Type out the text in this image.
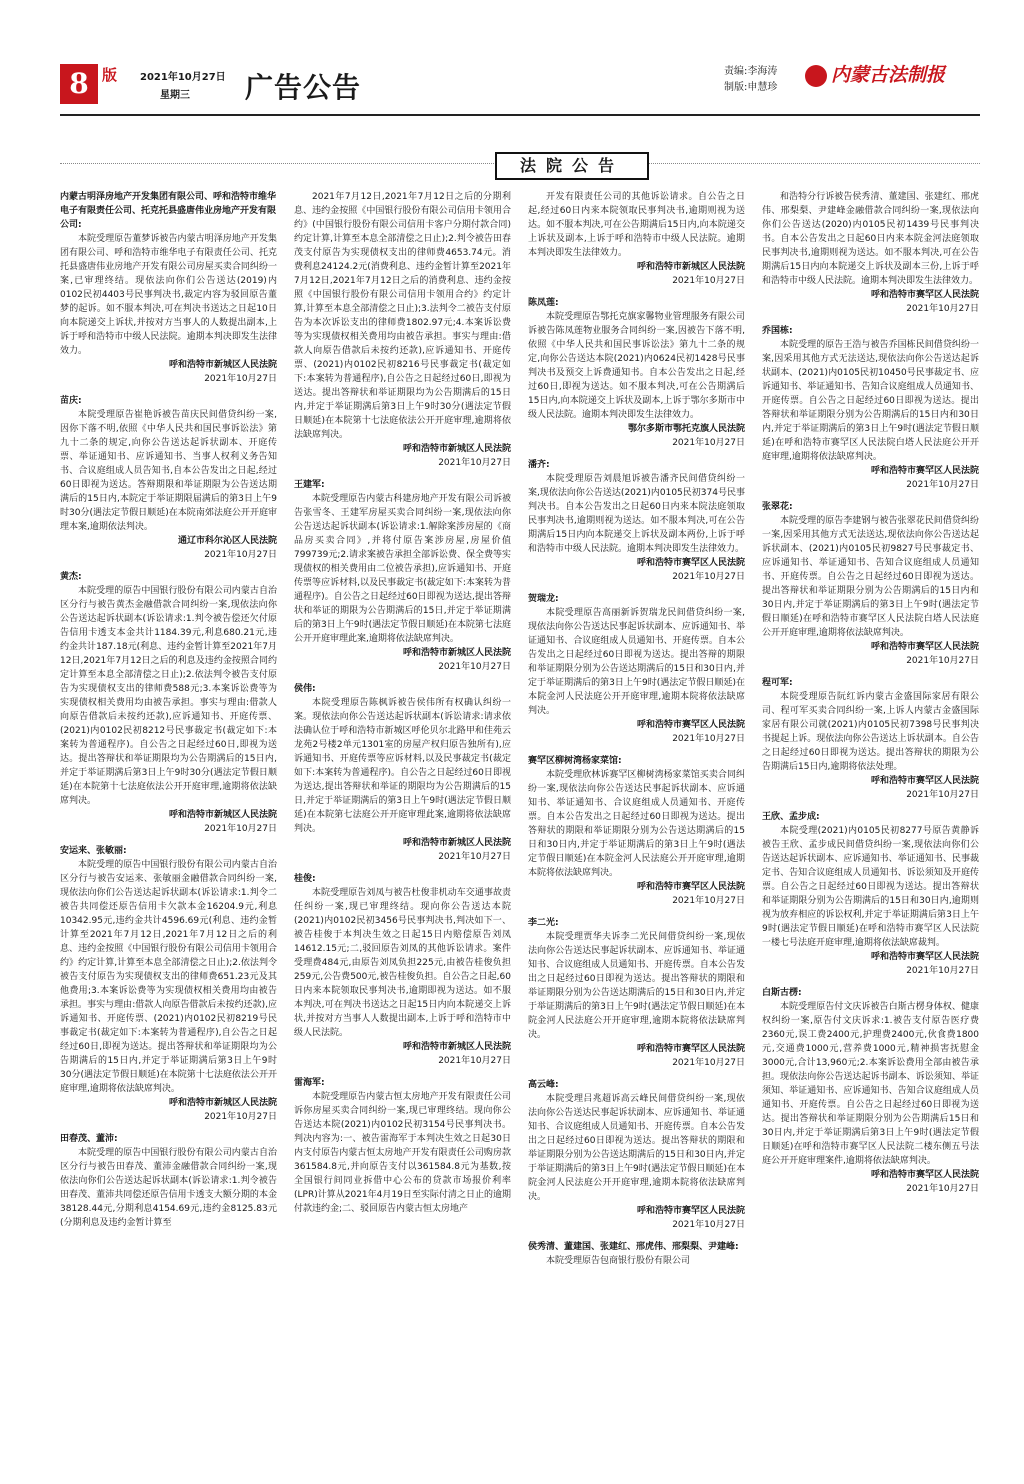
8 版 2021年10月27日
星期三 广告公告	责编:李海涛
制版:申慧珍
内蒙古法制报
法院公告
内蒙古明泽房地产开发集团有限公司、呼和浩特市维华电子有限责任公司、托克托县盛唐伟业房地产开发有限公司:

本院受理原告董梦诉被告内蒙古明泽房地产开发集团有限公司、呼和浩特市维华电子有限责任公司、托克托县盛唐伟业房地产开发有限公司房屋买卖合同纠纷一案,已审理终结。现依法向你们公告送达(2019)内0102民初4403号民事判决书,裁定内容为驳回原告董梦的起诉。如不服本判决,可在判决书送达之日起10日向本院递交上诉状,并按对方当事人的人数提出副本,上诉于呼和浩特市中级人民法院。逾期本判决即发生法律效力。

呼和浩特市新城区人民法院
2021年10月27日
苗庆:

本院受理原告崔艳诉被告苗庆民间借贷纠纷一案,因你下落不明,依照《中华人民共和国民事诉讼法》第九十二条的规定,向你公告送达起诉状副本、开庭传票、举证通知书、应诉通知书、当事人权利义务告知书、合议庭组成人员告知书,自本公告发出之日起,经过60日即视为送达。答辩期限和举证期限为公告送达期满后的15日内,本院定于举证期限届满后的第3日上午9时30分(遇法定节假日顺延)在本院南郊法庭公开开庭审理本案,逾期依法判决。

通辽市科尔沁区人民法院
2021年10月27日
黄杰:

本院受理的原告中国银行股份有限公司内蒙古自治区分行与被告黄杰金融借款合同纠纷一案,现依法向你公告送达起诉状副本(诉讼请求:1.判令被告偿还欠付原告信用卡透支本金共计1184.39元,利息680.21元,违约金共计187.18元(利息、违约金暂计算至2021年7月12日,2021年7月12日之后的利息及违约金按照合同约定计算至本息全部清偿之日止);2.依法判令被告支付原告为实现债权支出的律师费588元;3.本案诉讼费等为实现债权相关费用均由被告承担。事实与理由:借款人向原告借款后未按约还款),应诉通知书、开庭传票、(2021)内0102民初8212号民事裁定书(裁定如下:本案转为普通程序)。自公告之日起经过60日,即视为送达。提出答辩状和举证期限均为公告期满后的15日内,并定于举证期满后第3日上午9时30分(遇法定节假日顺延)在本院第十七法庭依法公开开庭审理,逾期将依法缺席判决。

呼和浩特市新城区人民法院
2021年10月27日
安运来、张敏丽:

本院受理的原告中国银行股份有限公司内蒙古自治区分行与被告安运来、张敏丽金融借款合同纠纷一案,现依法向你们公告送达起诉状副本(诉讼请求:1.判令二被告共同偿还原告信用卡欠款本金16204.9元,利息10342.95元,违约金共计4596.69元(利息、违约金暂计算至2021年7月12日,2021年7月12日之后的利息、违约金按照《中国银行股份有限公司信用卡领用合约》约定计算,计算至本息全部清偿之日止);2.依法判令被告支付原告为实现债权支出的律师费651.23元及其他费用;3.本案诉讼费等为实现债权相关费用均由被告承担。事实与理由:借款人向原告借款后未按约还款),应诉通知书、开庭传票、(2021)内0102民初8219号民事裁定书(裁定如下:本案转为普通程序),自公告之日起经过60日,即视为送达。提出答辩状和举证期限均为公告期满后的15日内,并定于举证期满后第3日上午9时30分(遇法定节假日顺延)在本院第十七法庭依法公开开庭审理,逾期将依法缺席判决。

呼和浩特市新城区人民法院
2021年10月27日
田春茂、董沛:

本院受理的原告中国银行股份有限公司内蒙古自治区分行与被告田春茂、董沛金融借款合同纠纷一案,现依法向你们公告送达起诉状副本(诉讼请求:1.判令被告田春茂、董沛共同偿还原告信用卡透支大额分期的本金38128.44元,分期利息4154.69元,违约金8125.83元(分期利息及违约金暂计算至

2021年7月12日,2021年7月12日之后的分期利息、违约金按照《中国银行股份有限公司信用卡领用合约》(中国银行股份有限公司信用卡客户分期付款合同)约定计算,计算至本息全部清偿之日止);2.判令被告田春茂支付原告为实现债权支出的律师费4653.74元。消费利息24124.2元(消费利息、违约金暂计算至2021年7月12日,2021年7月12日之后的消费利息、违约金按照《中国银行股份有限公司信用卡领用合约》约定计算,计算至本息全部清偿之日止);3.法判令二被告支付原告为本次诉讼支出的律师费1802.97元;4.本案诉讼费等为实现债权相关费用均由被告承担。事实与理由:借款人向原告借款后未按约还款),应诉通知书、开庭传票、(2021)内0102民初8216号民事裁定书(裁定如下:本案转为普通程序),自公告之日起经过60日,即视为送达。提出答辩状和举证期限均为公告期满后的15日内,并定于举证期满后第3日上午9时30分(遇法定节假日顺延)在本院第十七法庭依法公开开庭审理,逾期将依法缺席判决。

呼和浩特市新城区人民法院
2021年10月27日
王建军:

本院受理原告内蒙古科建房地产开发有限公司诉被告张雪冬、王建军房屋买卖合同纠纷一案,现依法向你公告送达起诉状副本(诉讼请求:1.解除案涉房屋的《商品房买卖合同》,并将付原告案涉房屋,房屋价值799739元;2.请求案被告承担全部诉讼费、保全费等实现债权的相关费用由二位被告承担),应诉通知书、开庭传票等应诉材料,以及民事裁定书(裁定如下:本案转为普通程序)。自公告之日起经过60日即视为送达,提出答辩状和举证的期限为公告期满后的15日,并定于举证期满后的第3日上午9时(遇法定节假日顺延)在本院第七法庭公开开庭审理此案,逾期将依法缺席判决。

呼和浩特市新城区人民法院
2021年10月27日
侯伟:

本院受理原告陈枫诉被告侯伟所有权确认纠纷一案。现依法向你公告送达起诉状副本(诉讼请求:请求依法确认位于呼和浩特市新城区呼伦贝尔北路甲和佳苑云龙苑2号楼2单元1301室的房屋产权归原告独所有),应诉通知书、开庭传票等应诉材料,以及民事裁定书(裁定如下:本案转为普通程序)。自公告之日起经过60日即视为送达,提出答辩状和举证的期限均为公告期满后的15日,并定于举证期满后的第3日上午9时(遇法定节假日顺延)在本院第七法庭公开开庭审理此案,逾期将依法缺席判决。

呼和浩特市新城区人民法院
2021年10月27日
桂俊:

本院受理原告刘凤与被告杜俊非机动车交通事故责任纠纷一案,现已审理终结。现向你公告送达本院(2021)内0102民初3456号民事判决书,判决如下一、被告桂俊于本判决生效之日起15日内赔偿原告刘凤14612.15元;二,驳回原告刘凤的其他诉讼请求。案件受理费484元,由原告刘凤负担225元,由被告桂俊负担259元,公告费500元,被告桂俊负担。自公告之日起,60日内来本院领取民事判决书,逾期即视为送达。如不服本判决,可在判决书送达之日起15日内向本院递交上诉状,并按对方当事人人数提出副本,上诉于呼和浩特市中级人民法院。

呼和浩特市新城区人民法院
2021年10月27日
雷海军:

本院受理原告内蒙古恒太房地产开发有限责任公司诉你房屋买卖合同纠纷一案,现已审理终结。现向你公告送达本院(2021)内0102民初3154号民事判决书。判决内容为:一、被告雷海军于本判决生效之日起30日内支付原告内蒙古恒太房地产开发有限责任公司购房款361584.8元,并向原告支付以361584.8元为基数,按全国银行间同业拆借中心公布的贷款市场报价利率(LPR)计算从2021年4月19日至实际付清之日止的逾期付款违约金;二、驳回原告内蒙古恒太房地产

开发有限责任公司的其他诉讼请求。自公告之日起,经过60日内来本院领取民事判决书,逾期则视为送达。如不服本判决,可在公告期满后15日内,向本院递交上诉状及副本,上诉于呼和浩特市中级人民法院。逾期本判决即发生法律效力。

呼和浩特市新城区人民法院
2021年10月27日
陈凤莲:

本院受理原告鄂托克旗家馨物业管理服务有限公司诉被告陈凤莲物业服务合同纠纷一案,因被告下落不明,依照《中华人民共和国民事诉讼法》第九十二条的规定,向你公告送达本院(2021)内0624民初1428号民事判决书及预交上诉费通知书。自本公告发出之日起,经过60日,即视为送达。如不服本判决,可在公告期满后15日内,向本院递交上诉状及副本,上诉于鄂尔多斯市中级人民法院。逾期本判决即发生法律效力。

鄂尔多斯市鄂托克旗人民法院
2021年10月27日
潘齐:

本院受理原告刘晨旭诉被告潘齐民间借贷纠纷一案,现依法向你公告送达(2021)内0105民初374号民事判决书。自本公告发出之日起60日内来本院法庭领取民事判决书,逾期则视为送达。如不服本判决,可在公告期满后15日内向本院递交上诉状及副本两份,上诉于呼和浩特市中级人民法院。逾期本判决即发生法律效力。

呼和浩特市赛罕区人民法院
2021年10月27日
贺瑞龙:

本院受理原告高丽新诉贺瑞龙民间借贷纠纷一案,现依法向你公告送达民事起诉状副本、应诉通知书、举证通知书、合议庭组成人员通知书、开庭传票。自本公告发出之日起经过60日即视为送达。提出答辩的期限和举证期限分别为公告送达期满后的15日和30日内,并定于举证期满后的第3日上午9时(遇法定节假日顺延)在本院金河人民法庭公开开庭审理,逾期本院将依法缺席判决。

呼和浩特市赛罕区人民法院
2021年10月27日
赛罕区柳树湾杨家菜馆:

本院受理欣林诉赛罕区柳树湾杨家菜馆买卖合同纠纷一案,现依法向你公告送达民事起诉状副本、应诉通知书、举证通知书、合议庭组成人员通知书、开庭传票。自本公告发出之日起经过60日即视为送达。提出答辩状的期限和举证期限分别为公告送达期满后的15日和30日内,并定于举证期满后的第3日上午9时(遇法定节假日顺延)在本院金河人民法庭公开开庭审理,逾期本院将依法缺席判决。

呼和浩特市赛罕区人民法院
2021年10月27日
李二光:

本院受理贾华夫诉李二光民间借贷纠纷一案,现依法向你公告送达民事起诉状副本、应诉通知书、举证通知书、合议庭组成人员通知书、开庭传票。自本公告发出之日起经过60日即视为送达。提出答辩状的期限和举证期限分别为公告送达期满后的15日和30日内,并定于举证期满后的第3日上午9时(遇法定节假日顺延)在本院金河人民法庭公开开庭审理,逾期本院将依法缺席判决。

呼和浩特市赛罕区人民法院
2021年10月27日
高云峰:

本院受理吕兆超诉高云峰民间借贷纠纷一案,现依法向你公告送达民事起诉状副本、应诉通知书、举证通知书、合议庭组成人员通知书、开庭传票。自本公告发出之日起经过60日即视为送达。提出答辩状的期限和举证期限分别为公告送达期满后的15日和30日内,并定于举证期满后的第3日上午9时(遇法定节假日顺延)在本院金河人民法庭公开开庭审理,逾期本院将依法缺席判决。

呼和浩特市赛罕区人民法院
2021年10月27日
侯秀清、董建国、张建红、邢虎伟、邢梨梨、尹建峰:

本院受理原告包商银行股份有限公司

和浩特分行诉被告侯秀清、董建国、张建红、邢虎伟、邢梨梨、尹建峰金融借款合同纠纷一案,现依法向你们公告送达(2020)内0105民初1439号民事判决书。自本公告发出之日起60日内来本院金河法庭领取民事判决书,逾期则视为送达。如不服本判决,可在公告期满后15日内向本院递交上诉状及副本三份,上诉于呼和浩特市中级人民法院。逾期本判决即发生法律效力。

呼和浩特市赛罕区人民法院
2021年10月27日
乔国栋:

本院受理的原告王浩与被告乔国栋民间借贷纠纷一案,因采用其他方式无法送达,现依法向你公告送达起诉状副本、(2021)内0105民初10450号民事裁定书、应诉通知书、举证通知书、告知合议庭组成人员通知书、开庭传票。自公告之日起经过60日即视为送达。提出答辩状和举证期限分别为公告期满后的15日内和30日内,并定于举证期满后的第3日上午9时(遇法定节假日顺延)在呼和浩特市赛罕区人民法院白塔人民法庭公开开庭审理,逾期将依法缺席判决。

呼和浩特市赛罕区人民法院
2021年10月27日
张翠花:

本院受理的原告李建钢与被告张翠花民间借贷纠纷一案,因采用其他方式无法送达,现依法向你公告送达起诉状副本、(2021)内0105民初9827号民事裁定书、应诉通知书、举证通知书、告知合议庭组成人员通知书、开庭传票。自公告之日起经过60日即视为送达。提出答辩状和举证期限分别为公告期满后的15日内和30日内,并定于举证期满后的第3日上午9时(遇法定节假日顺延)在呼和浩特市赛罕区人民法院白塔人民法庭公开开庭审理,逾期将依法缺席判决。

呼和浩特市赛罕区人民法院
2021年10月27日
程可军:

本院受理原告阮红诉内蒙古金盛国际家居有限公司、程可军买卖合同纠纷一案,上诉人内蒙古金盛国际家居有限公司就(2021)内0105民初7398号民事判决书提起上诉。现依法向你公告送达上诉状副本。自公告之日起经过60日即视为送达。提出答辩状的期限为公告期满后15日内,逾期将依法处理。

呼和浩特市赛罕区人民法院
2021年10月27日
王欣、孟步成:

本院受理(2021)内0105民初8277号原告黄静诉被告王欣、孟步成民间借贷纠纷一案,现依法向你们公告送达起诉状副本、应诉通知书、举证通知书、民事裁定书、告知合议庭组成人员通知书、诉讼须知及开庭传票。自公告之日起经过60日即视为送达。提出答辩状和举证期限分别为公告期满后的15日和30日内,逾期则视为放弃相应的诉讼权利,并定于举证期满后第3日上午9时(遇法定节假日顺延)在呼和浩特市赛罕区人民法院一楼七号法庭开庭审理,逾期将依法缺席裁判。

呼和浩特市赛罕区人民法院
2021年10月27日
白斯古楞:

本院受理原告付文庆诉被告白斯古楞身体权、健康权纠纷一案,原告付文庆诉求:1.被告支付原告医疗费2360元,误工费2400元,护理费2400元,伙食费1800元,交通费1000元,营养费1000元,精神损害抚慰金3000元,合计13,960元;2.本案诉讼费用全部由被告承担。现依法向你公告送达起诉书副本、诉讼须知、举证须知、举证通知书、应诉通知书、告知合议庭组成人员通知书、开庭传票。自公告之日起经过60日即视为送达。提出答辩状和举证期限分别为公告期满后15日和30日内,并定于举证期满后第3日上午9时(遇法定节假日顺延)在呼和浩特市赛罕区人民法院二楼东侧五号法庭公开开庭审理案件,逾期将依法缺席判决。

呼和浩特市赛罕区人民法院
2021年10月27日
